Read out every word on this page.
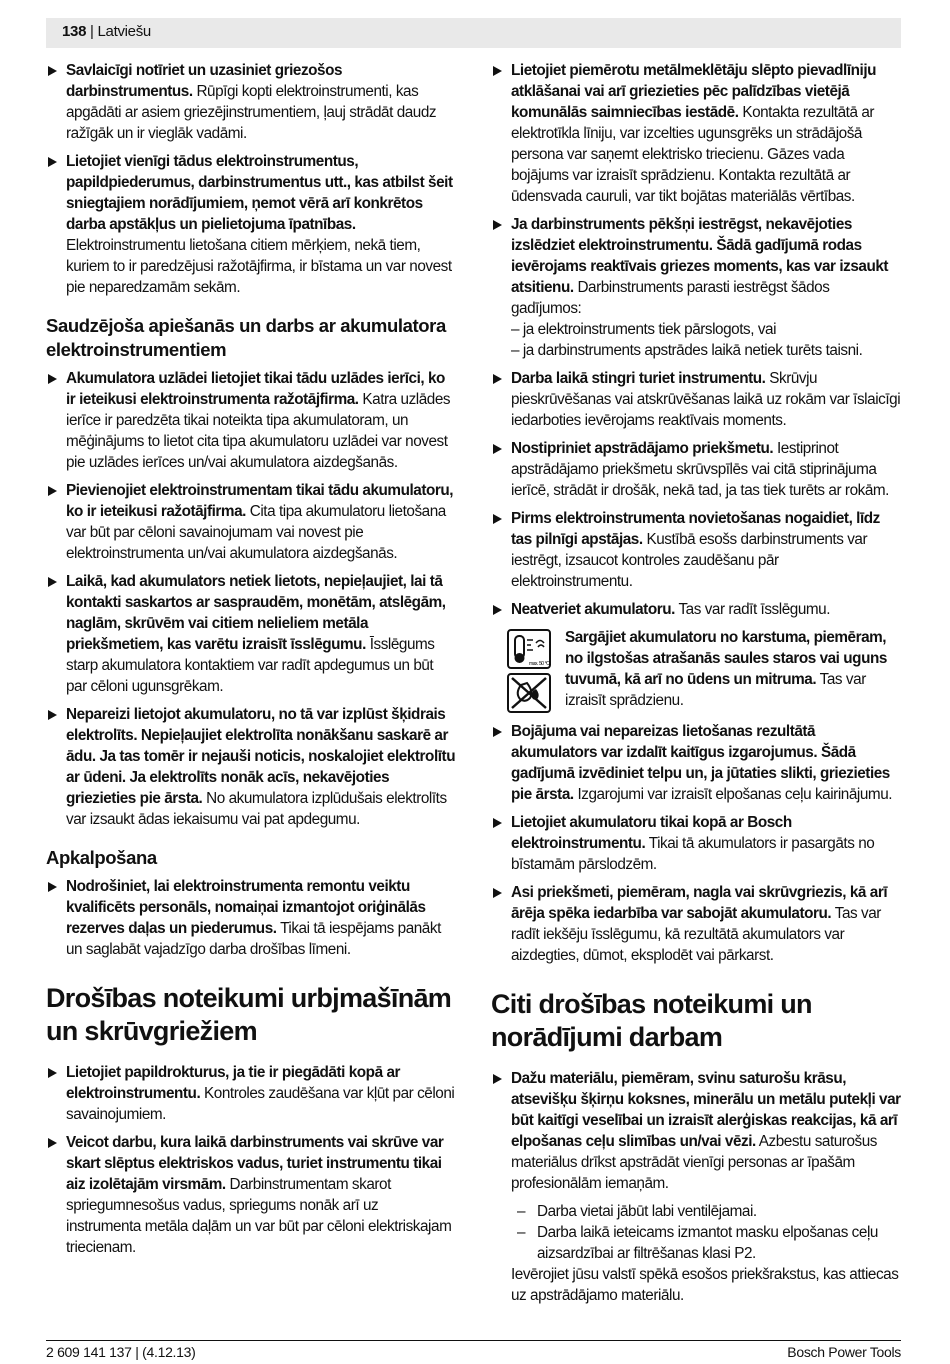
138 | Latviešu
Savlaicīgi notīriet un uzasiniet griezošos darbinstrumentus. Rūpīgi kopti elektroinstrumenti, kas apgādāti ar asiem griezējinstrumentiem, ļauj strādāt daudz ražīgāk un ir vieglāk vadāmi.
Lietojiet vienīgi tādus elektroinstrumentus, papildpiederumus, darbinstrumentus utt., kas atbilst šeit sniegtajiem norādījumiem, ņemot vērā arī konkrētos darba apstākļus un pielietojuma īpatnības. Elektroinstrumentu lietošana citiem mērķiem, nekā tiem, kuriem to ir paredzējusi ražotājfirma, ir bīstama un var novest pie neparedzamām sekām.
Saudzējoša apiešanās un darbs ar akumulatora elektroinstrumentiem
Akumulatora uzlādei lietojiet tikai tādu uzlādes ierīci, ko ir ieteikusi elektroinstrumenta ražotājfirma. Katra uzlādes ierīce ir paredzēta tikai noteikta tipa akumulatoram, un mēģinājums to lietot cita tipa akumulatoru uzlādei var novest pie uzlādes ierīces un/vai akumulatora aizdegšanās.
Pievienojiet elektroinstrumentam tikai tādu akumulatoru, ko ir ieteikusi ražotājfirma. Cita tipa akumulatoru lietošana var būt par cēloni savainojumam vai novest pie elektroinstrumenta un/vai akumulatora aizdegšanās.
Laikā, kad akumulators netiek lietots, nepieļaujiet, lai tā kontakti saskartos ar saspraudēm, monētām, atslēgām, naglām, skrūvēm vai citiem nelieliem metāla priekšmetiem, kas varētu izraisīt īsslēgumu. Īsslēgums starp akumulatora kontaktiem var radīt apdegumus un būt par cēloni ugunsgrēkam.
Nepareizi lietojot akumulatoru, no tā var izplūst šķidrais elektrolīts. Nepieļaujiet elektrolīta nonākšanu saskarē ar ādu. Ja tas tomēr ir nejauši noticis, noskalojiet elektrolītu ar ūdeni. Ja elektrolīts nonāk acīs, nekavējoties griezieties pie ārsta. No akumulatora izplūdušais elektrolīts var izsaukt ādas iekaisumu vai pat apdegumu.
Apkalpošana
Nodrošiniet, lai elektroinstrumenta remontu veiktu kvalificēts personāls, nomaiņai izmantojot oriģinālās rezerves daļas un piederumus. Tikai tā iespējams panākt un saglabāt vajadzīgo darba drošības līmeni.
Drošības noteikumi urbjmašīnām un skrūvgriežiem
Lietojiet papildrokturus, ja tie ir piegādāti kopā ar elektroinstrumentu. Kontroles zaudēšana var kļūt par cēloni savainojumiem.
Veicot darbu, kura laikā darbinstruments vai skrūve var skart slēptus elektriskos vadus, turiet instrumentu tikai aiz izolētajām virsmām. Darbinstrumentam skarot spriegumnesošus vadus, spriegums nonāk arī uz instrumenta metāla daļām un var būt par cēloni elektriskajam triecienam.
Lietojiet piemērotu metālmeklētāju slēpto pievadlīniju atklāšanai vai arī griezieties pēc palīdzības vietējā komunālās saimniecības iestādē. Kontakta rezultātā ar elektrotīkla līniju, var izcelties ugunsgrēks un strādājošā persona var saņemt elektrisko triecienu. Gāzes vada bojājums var izraisīt sprādzienu. Kontakta rezultātā ar ūdensvada cauruli, var tikt bojātas materiālās vērtības.
Ja darbinstruments pēkšņi iestrēgst, nekavējoties izslēdziet elektroinstrumentu. Šādā gadījumā rodas ievērojams reaktīvais griezes moments, kas var izsaukt atsitienu. Darbinstruments parasti iestrēgst šādos gadījumos:
– ja elektroinstruments tiek pārslogots, vai
– ja darbinstruments apstrādes laikā netiek turēts taisni.
Darba laikā stingri turiet instrumentu. Skrūvju pieskrūvēšanas vai atskrūvēšanas laikā uz rokām var īslaicīgi iedarboties ievērojams reaktīvais moments.
Nostipriniet apstrādājamo priekšmetu. Iestiprinot apstrādājamo priekšmetu skrūvspīlēs vai citā stiprinājuma ierīcē, strādāt ir drošāk, nekā tad, ja tas tiek turēts ar rokām.
Pirms elektroinstrumenta novietošanas nogaidiet, līdz tas pilnīgi apstājas. Kustībā esošs darbinstruments var iestrēgt, izsaucot kontroles zaudēšanu pār elektroinstrumentu.
Neatveriet akumulatoru. Tas var radīt īsslēgumu.
max. 50 °C
Sargājiet akumulatoru no karstuma, piemēram, no ilgstošas atrašanās saules staros vai uguns tuvumā, kā arī no ūdens un mitruma. Tas var izraisīt sprādzienu.
Bojājuma vai nepareizas lietošanas rezultātā akumulators var izdalīt kaitīgus izgarojumus. Šādā gadījumā izvēdiniet telpu un, ja jūtaties slikti, griezieties pie ārsta. Izgarojumi var izraisīt elpošanas ceļu kairinājumu.
Lietojiet akumulatoru tikai kopā ar Bosch elektroinstrumentu. Tikai tā akumulators ir pasargāts no bīstamām pārslodzēm.
Asi priekšmeti, piemēram, nagla vai skrūvgriezis, kā arī ārēja spēka iedarbība var sabojāt akumulatoru. Tas var radīt iekšēju īsslēgumu, kā rezultātā akumulators var aizdegties, dūmot, eksplodēt vai pārkarst.
Citi drošības noteikumi un norādījumi darbam
Dažu materiālu, piemēram, svinu saturošu krāsu, atsevišķu šķirņu koksnes, minerālu un metālu putekļi var būt kaitīgi veselībai un izraisīt alerģiskas reakcijas, kā arī elpošanas ceļu slimības un/vai vēzi. Azbestu saturošus materiālus drīkst apstrādāt vienīgi personas ar īpašām profesionālām iemaņām.
– Darba vietai jābūt labi ventilējamai.
– Darba laikā ieteicams izmantot masku elpošanas ceļu aizsardzībai ar filtrēšanas klasi P2.
Ievērojiet jūsu valstī spēkā esošos priekšrakstus, kas attiecas uz apstrādājamo materiālu.
2 609 141 137 | (4.12.13)	Bosch Power Tools
